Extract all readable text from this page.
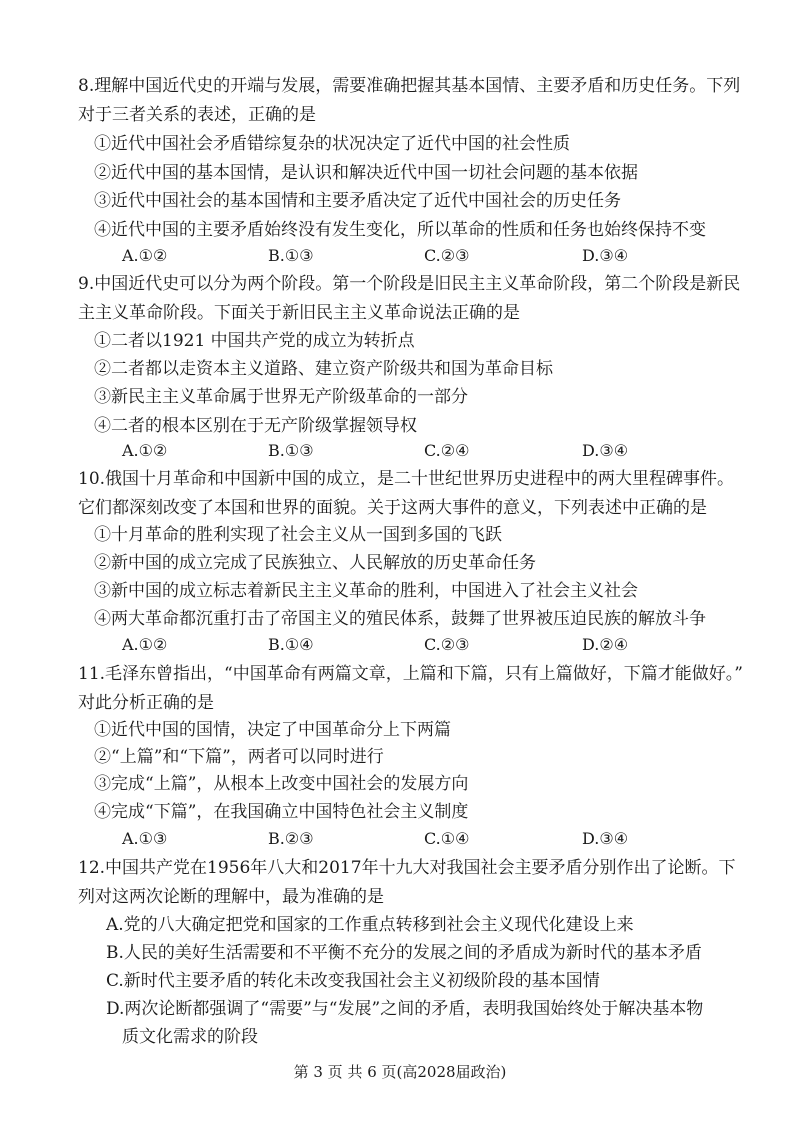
8.理解中国近代史的开端与发展，需要准确把握其基本国情、主要矛盾和历史任务。下列
对于三者关系的表述，正确的是
①近代中国社会矛盾错综复杂的状况决定了近代中国的社会性质
②近代中国的基本国情，是认识和解决近代中国一切社会问题的基本依据
③近代中国社会的基本国情和主要矛盾决定了近代中国社会的历史任务
④近代中国的主要矛盾始终没有发生变化，所以革命的性质和任务也始终保持不变
A.①②	B.①③	C.②③	D.③④
9.中国近代史可以分为两个阶段。第一个阶段是旧民主主义革命阶段，第二个阶段是新民
主主义革命阶段。下面关于新旧民主主义革命说法正确的是
①二者以1921 中国共产党的成立为转折点
②二者都以走资本主义道路、建立资产阶级共和国为革命目标
③新民主主义革命属于世界无产阶级革命的一部分
④二者的根本区别在于无产阶级掌握领导权
A.①②	B.①③	C.②④	D.③④
10.俄国十月革命和中国新中国的成立，是二十世纪世界历史进程中的两大里程碑事件。
它们都深刻改变了本国和世界的面貌。关于这两大事件的意义，下列表述中正确的是
①十月革命的胜利实现了社会主义从一国到多国的飞跃
②新中国的成立完成了民族独立、人民解放的历史革命任务
③新中国的成立标志着新民主主义革命的胜利，中国进入了社会主义社会
④两大革命都沉重打击了帝国主义的殖民体系，鼓舞了世界被压迫民族的解放斗争
A.①②	B.①④	C.②③	D.②④
11.毛泽东曾指出，“中国革命有两篇文章，上篇和下篇，只有上篇做好，下篇才能做好。”
对此分析正确的是
①近代中国的国情，决定了中国革命分上下两篇
②“上篇”和“下篇”，两者可以同时进行
③完成“上篇”，从根本上改变中国社会的发展方向
④完成“下篇”，在我国确立中国特色社会主义制度
A.①③	B.②③	C.①④	D.③④
12.中国共产党在1956年八大和2017年十九大对我国社会主要矛盾分别作出了论断。下
列对这两次论断的理解中，最为准确的是
A.党的八大确定把党和国家的工作重点转移到社会主义现代化建设上来
B.人民的美好生活需要和不平衡不充分的发展之间的矛盾成为新时代的基本矛盾
C.新时代主要矛盾的转化未改变我国社会主义初级阶段的基本国情
D.两次论断都强调了“需要”与“发展”之间的矛盾，表明我国始终处于解决基本物
质文化需求的阶段
第 3 页 共 6 页(高2028届政治)
